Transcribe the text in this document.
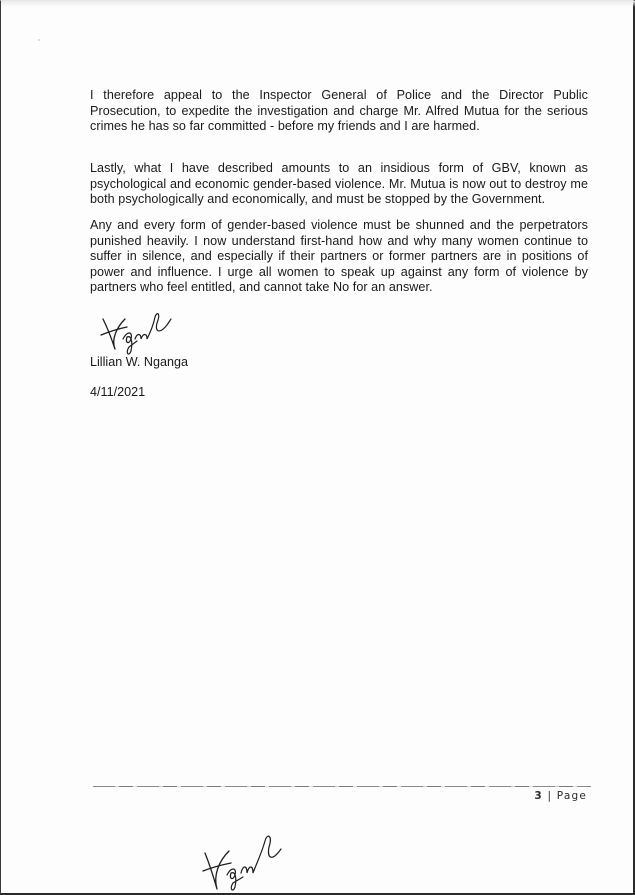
I therefore appeal to the Inspector General of Police and the Director Public Prosecution, to expedite the investigation and charge Mr. Alfred Mutua for the serious crimes he has so far committed - before my friends and I are harmed.

Lastly, what I have described amounts to an insidious form of GBV, known as psychological and economic gender-based violence. Mr. Mutua is now out to destroy me both psychologically and economically, and must be stopped by the Government.

Any and every form of gender-based violence must be shunned and the perpetrators punished heavily. I now understand first-hand how and why many women continue to suffer in silence, and especially if their partners or former partners are in positions of power and influence. I urge all women to speak up against any form of violence by partners who feel entitled, and cannot take No for an answer.

Lillian W. Nganga

4/11/2021

3 | Page
